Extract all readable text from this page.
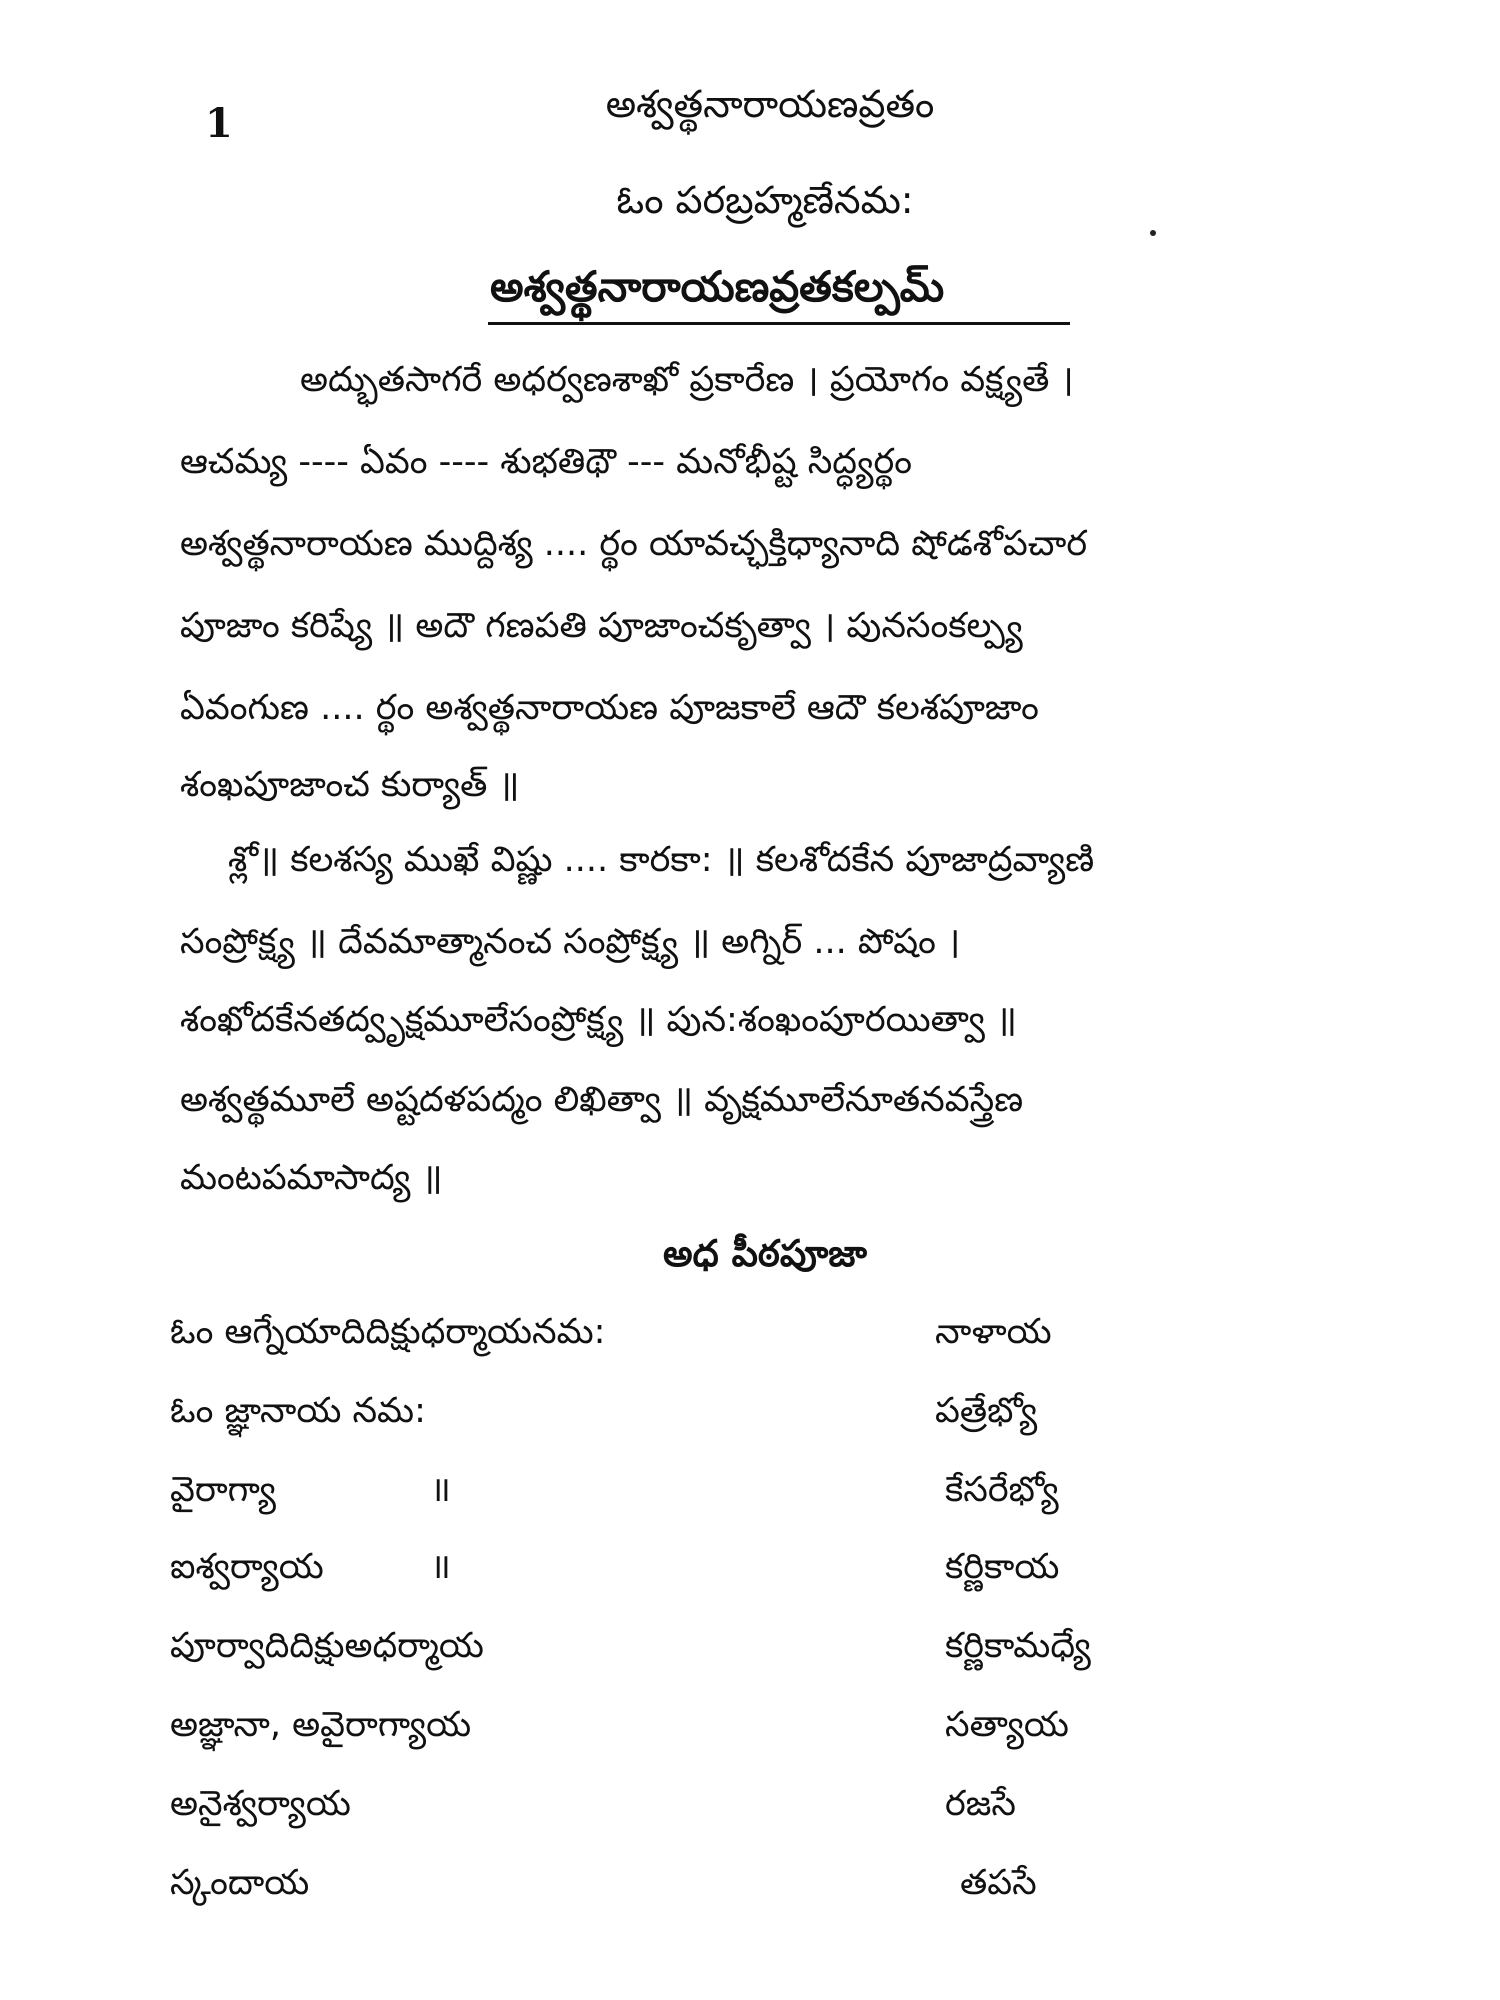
1	అశ్వత్థనారాయణవ్రతం
ఓం పరబ్రహ్మణేనమ:
అశ్వత్థనారాయణవ్రతకల్పమ్
అద్భుతసాగరే అధర్వణశాఖో ప్రకారేణ । ప్రయోగం వక్ష్యతే ।
ఆచమ్య ---- ఏవం ---- శుభతిథౌ --- మనోభీష్ట సిద్ధ్యర్థం
అశ్వత్థనారాయణ ముద్దిశ్య .... ర్థం యావచ్ఛక్తిధ్యానాది షోడశోపచార
పూజాం కరిష్యే ॥ అదౌ గణపతి పూజాంచకృత్వా । పునసంకల్ప్య
ఏవంగుణ .... ర్థం అశ్వత్థనారాయణ పూజకాలే ఆదౌ కలశపూజాం
శంఖపూజాంచ కుర్యాత్ ॥
శ్లో॥ కలశస్య ముఖే విష్ణు .... కారకా: ॥ కలశోదకేన పూజాద్రవ్యాణి
సంప్రోక్ష్య ॥ దేవమాత్మానంచ సంప్రోక్ష్య ॥ అగ్నిర్ ... పోషం ।
శంఖోదకేనతద్వృక్షమూలేసంప్రోక్ష్య ॥ పున:శంఖంపూరయిత్వా ॥
అశ్వత్థమూలే అష్టదళపద్మం లిఖిత్వా ॥ వృక్షమూలేనూతనవస్త్రేణ
మంటపమాసాద్య ॥
అధ పీఠపూజా
ఓం ఆగ్నేయాదిదిక్షుధర్మాయనమ:	నాళాయ
ఓం జ్ఞానాయ నమ:	పత్రేభ్యో
వైరాగ్యా	॥	కేసరేభ్యో
ఐశ్వర్యాయ	॥	కర్ణికాయ
పూర్వాదిదిక్షుఅధర్మాయ	కర్ణికామధ్యే
అజ్ఞానా, అవైరాగ్యాయ	సత్యాయ
అనైశ్వర్యాయ	రజసే
స్కందాయ	తపసే
